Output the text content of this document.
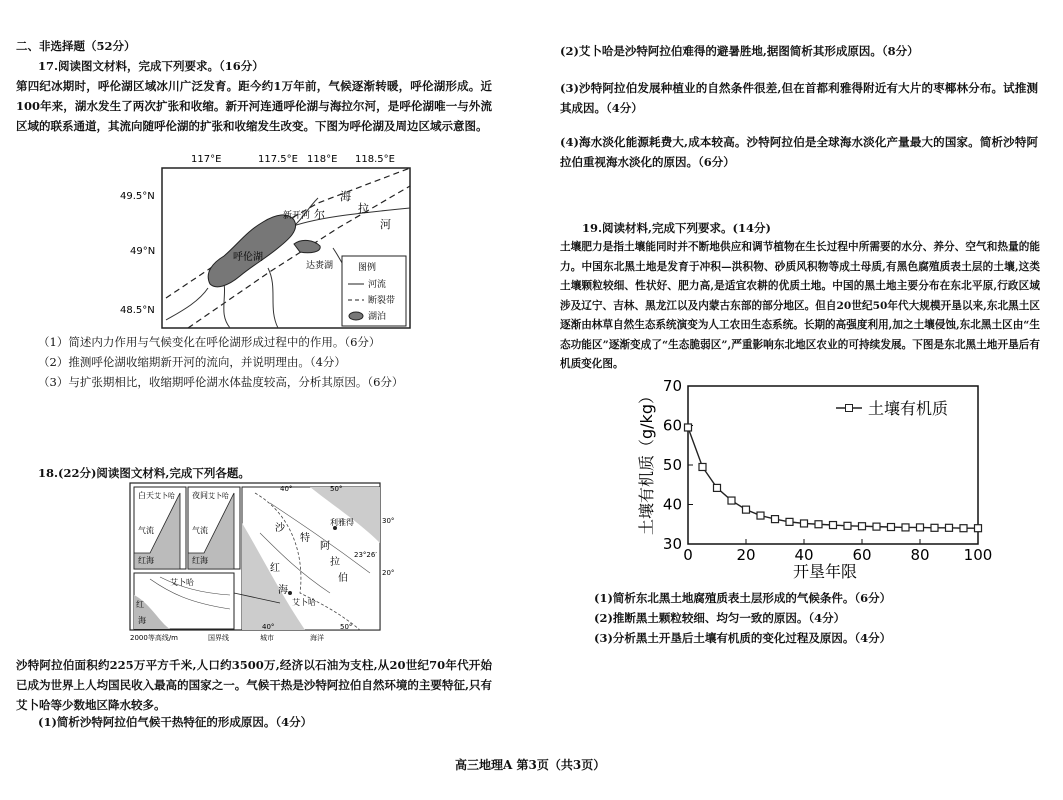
二、非选择题（52分）
17.阅读图文材料，完成下列要求。（16分）
第四纪冰期时，呼伦湖区域冰川广泛发育。距今约1万年前，气候逐渐转暖，呼伦湖形成。近100年来，湖水发生了两次扩张和收缩。新开河连通呼伦湖与海拉尔河，是呼伦湖唯一与外流区域的联系通道，其流向随呼伦湖的扩张和收缩发生改变。下图为呼伦湖及周边区域示意图。
117°E	117.5°E 118°E 118.5°E
49.5°N
49°N
48.5°N
呼伦湖
新开河
达赉湖
海
拉
尔
河
图例
河流
断裂带
湖泊
（1）简述内力作用与气候变化在呼伦湖形成过程中的作用。（6分）
（2）推测呼伦湖收缩期新开河的流向，并说明理由。（4分）
（3）与扩张期相比，收缩期呼伦湖水体盐度较高，分析其原因。（6分）
18.(22分)阅读图文材料,完成下列各题。
白天 艾卜哈
气流
红海
夜间 艾卜哈
气流
红海
沙
特
阿
拉
伯
利雅得
红
海
艾卜哈
30°
20°
23°26′
50°
40°
40°	50°
艾卜哈
红
海
2000等高线/m	国界线	城市	海洋
沙特阿拉伯面积约225万平方千米,人口约3500万,经济以石油为支柱,从20世纪70年代开始已成为世界上人均国民收入最高的国家之一。气候干热是沙特阿拉伯自然环境的主要特征,只有艾卜哈等少数地区降水较多。
(1)简析沙特阿拉伯气候干热特征的形成原因。（4分）
(2)艾卜哈是沙特阿拉伯难得的避暑胜地,据图简析其形成原因。（8分）
(3)沙特阿拉伯发展种植业的自然条件很差,但在首都利雅得附近有大片的枣椰林分布。试推测其成因。（4分）
(4)海水淡化能源耗费大,成本较高。沙特阿拉伯是全球海水淡化产量最大的国家。简析沙特阿拉伯重视海水淡化的原因。（6分）
19.阅读材料,完成下列要求。(14分)
土壤肥力是指土壤能同时并不断地供应和调节植物在生长过程中所需要的水分、养分、空气和热量的能力。中国东北黑土地是发育于冲积—洪积物、砂质风积物等成土母质,有黑色腐殖质表土层的土壤,这类土壤颗粒较细、性状好、肥力高,是适宜农耕的优质土地。中国的黑土地主要分布在东北平原,行政区域涉及辽宁、吉林、黑龙江以及内蒙古东部的部分地区。但自20世纪50年代大规模开垦以来,东北黑土区逐渐由林草自然生态系统演变为人工农田生态系统。长期的高强度利用,加之土壤侵蚀,东北黑土区由“生态功能区”逐渐变成了“生态脆弱区”,严重影响东北地区农业的可持续发展。下图是东北黑土地开垦后有机质变化图。
30
40
50
60
70
0	20	40	60	80 100
开垦年限
土壤有机质（g/kg）	土壤有机质
(1)简析东北黑土地腐殖质表土层形成的气候条件。（6分）
(2)推断黑土颗粒较细、均匀一致的原因。（4分）
(3)分析黑土开垦后土壤有机质的变化过程及原因。（4分）
高三地理A 第3页（共3页）
